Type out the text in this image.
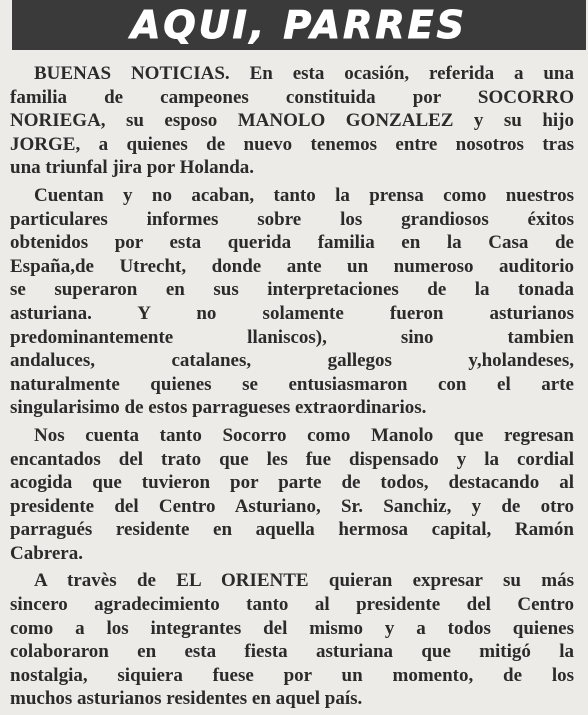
AQUI, PARRES
BUENAS NOTICIAS. En esta ocasión, referida a una
familia de campeones constituida por SOCORRO
NORIEGA, su esposo MANOLO GONZALEZ y su hijo
JORGE, a quienes de nuevo tenemos entre nosotros tras
una triunfal jira por Holanda.
Cuentan y no acaban, tanto la prensa como nuestros
particulares informes sobre los grandiosos éxitos
obtenidos por esta querida familia en la Casa de
España,de Utrecht, donde ante un numeroso auditorio
se superaron en sus interpretaciones de la tonada
asturiana. Y no solamente fueron asturianos
predominantemente llaniscos), sino tambien
andaluces, catalanes, gallegos y,holandeses,
naturalmente quienes se entusiasmaron con el arte
singularisimo de estos parragueses extraordinarios.
Nos cuenta tanto Socorro como Manolo que regresan
encantados del trato que les fue dispensado y la cordial
acogida que tuvieron por parte de todos, destacando al
presidente del Centro Asturiano, Sr. Sanchiz, y de otro
parragués residente en aquella hermosa capital, Ramón
Cabrera.
A travès de EL ORIENTE quieran expresar su más
sincero agradecimiento tanto al presidente del Centro
como a los integrantes del mismo y a todos quienes
colaboraron en esta fiesta asturiana que mitigó la
nostalgia, siquiera fuese por un momento, de los
muchos asturianos residentes en aquel país.
